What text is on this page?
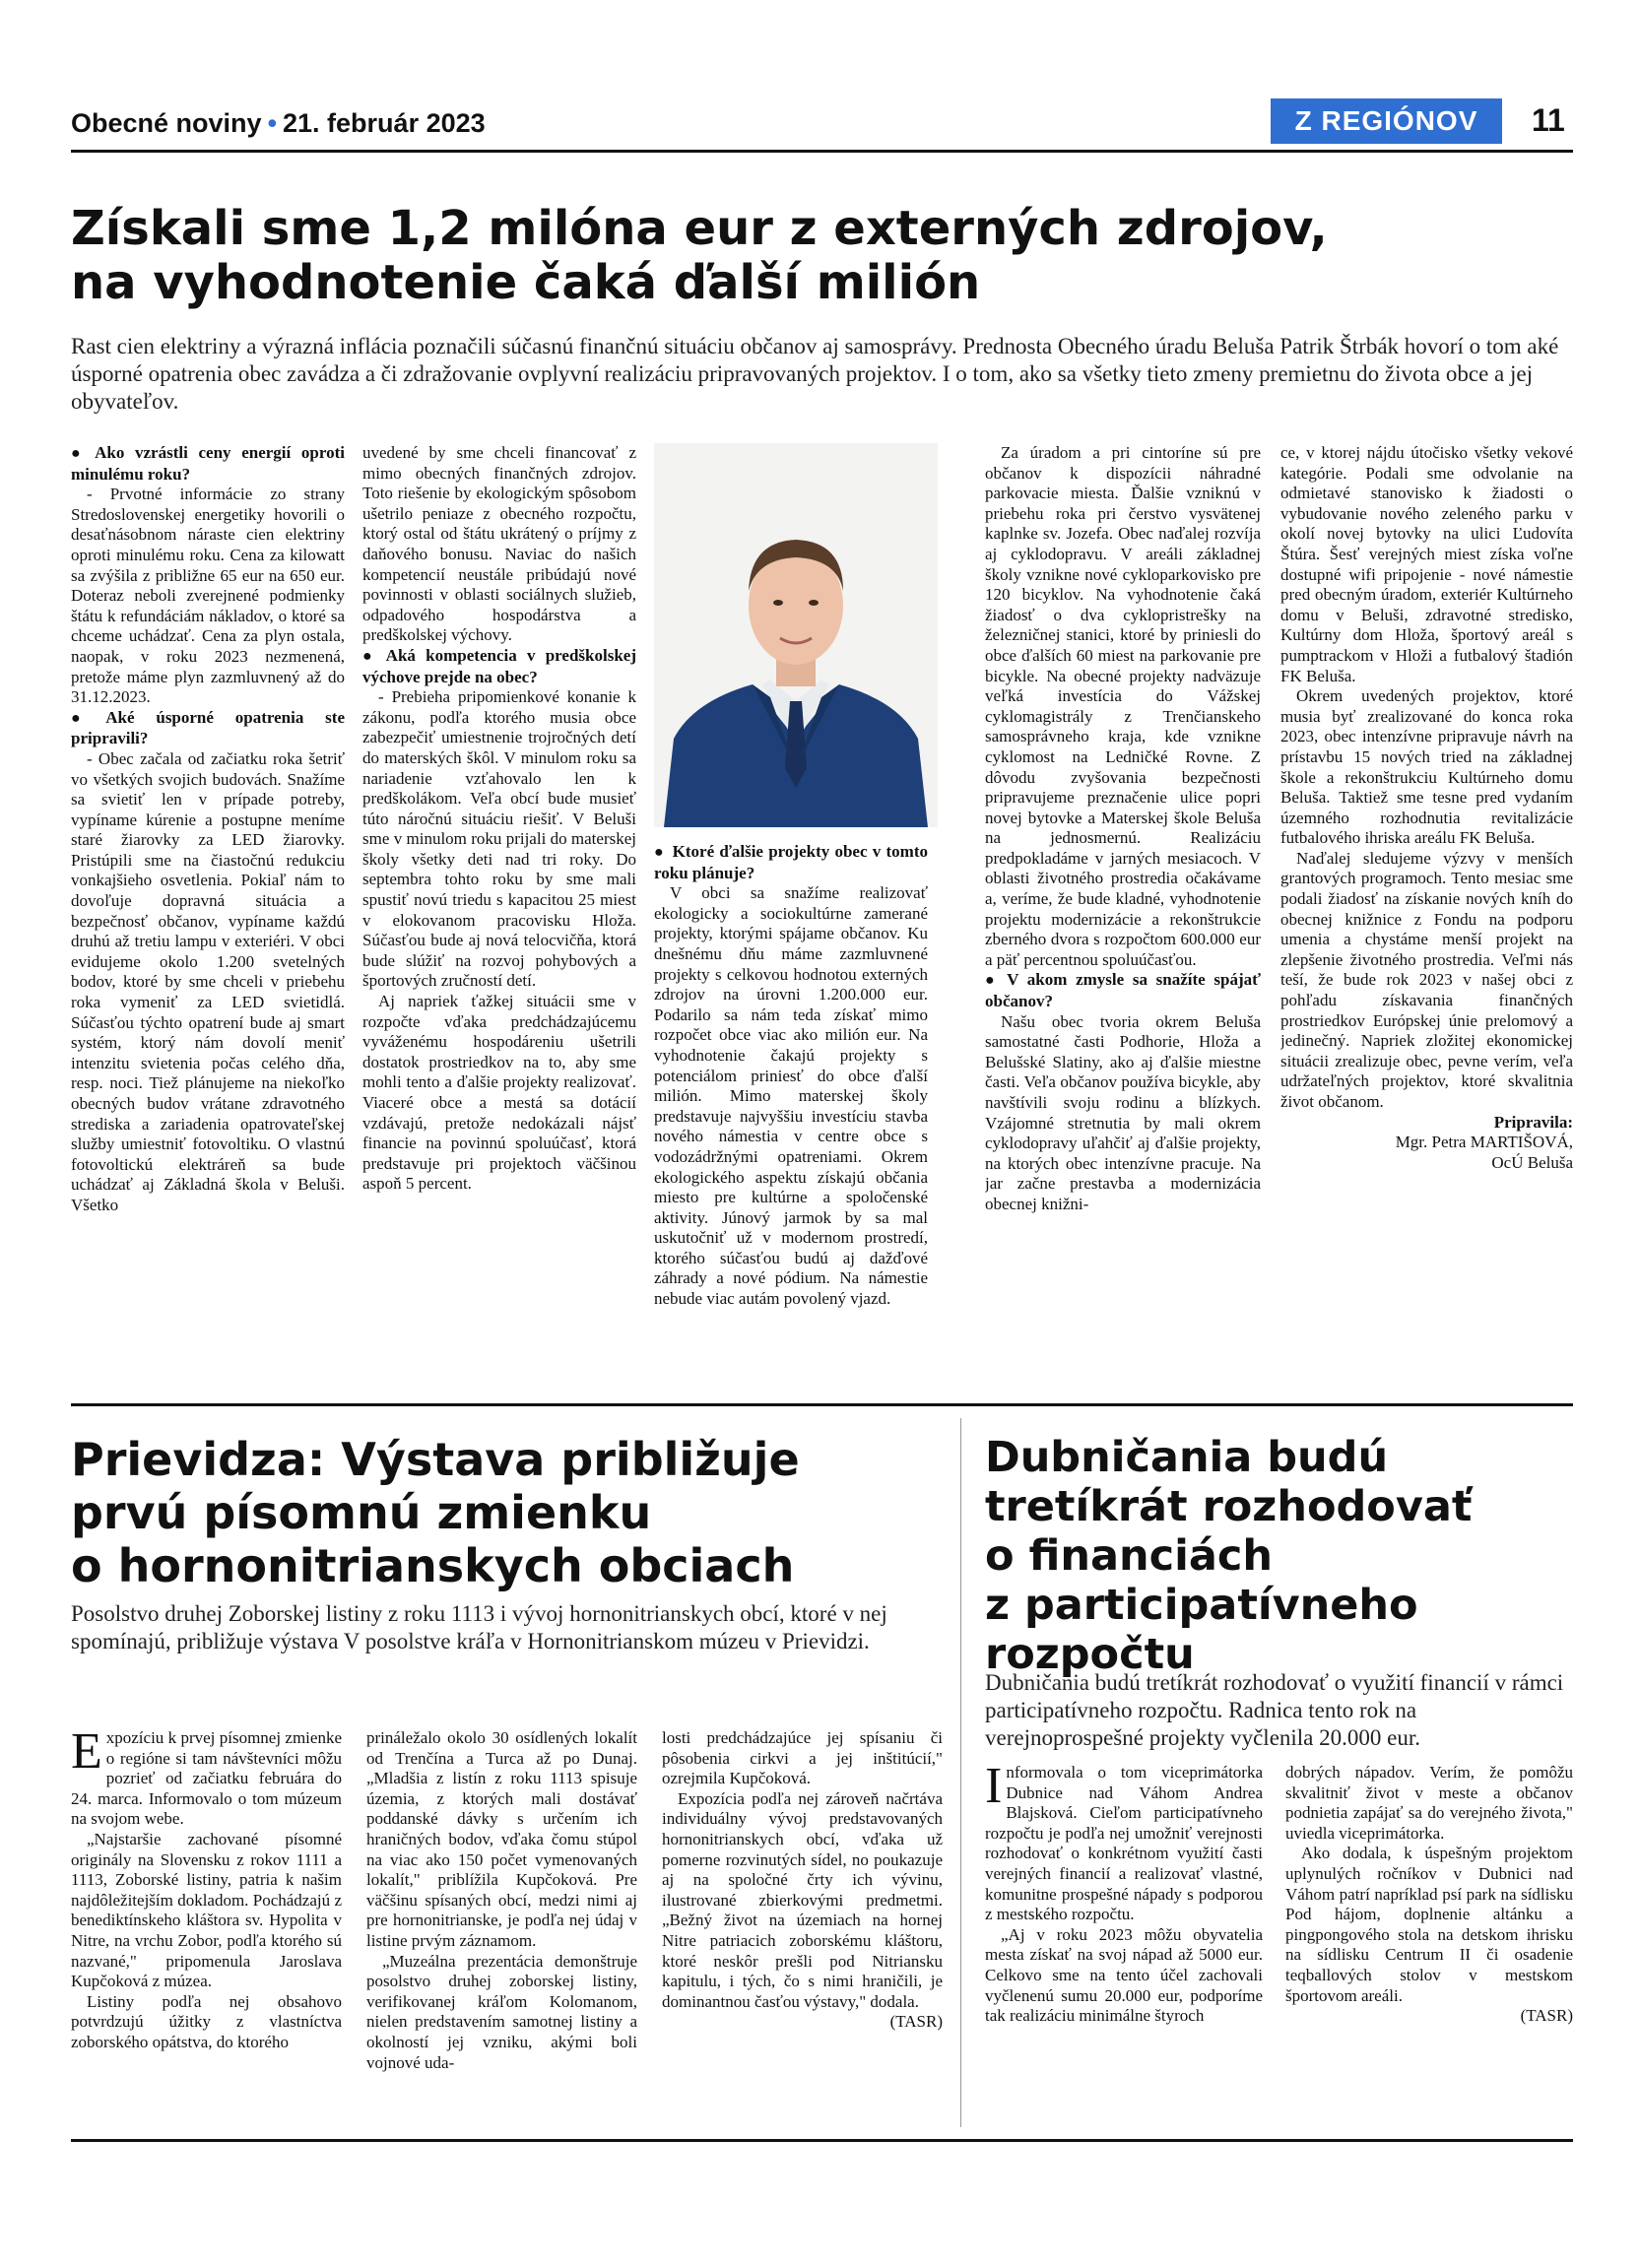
Obecné noviny • 21. február 2023	Z REGIÓNOV	11
Získali sme 1,2 milóna eur z externých zdrojov,
na vyhodnotenie čaká ďalší milión
Rast cien elektriny a výrazná inflácia poznačili súčasnú finančnú situáciu občanov aj samosprávy. Prednosta Obecného úradu Beluša Patrik Štrbák hovorí o tom aké úsporné opatrenia obec zavádza a či zdražovanie ovplyvní realizáciu pripravovaných projektov. I o tom, ako sa všetky tieto zmeny premietnu do života obce a jej obyvateľov.

● Ako vzrástli ceny energií oproti minulému roku?

- Prvotné informácie zo strany Stredoslovenskej energetiky hovorili o desaťnásobnom náraste cien elektriny oproti minulému roku. Cena za kilowatt sa zvýšila z približne 65 eur na 650 eur. Doteraz neboli zverejnené podmienky štátu k refundáciám nákladov, o ktoré sa chceme uchádzať. Cena za plyn ostala, naopak, v roku 2023 nezmenená, pretože máme plyn zazmluvnený až do 31.12.2023.

● Aké úsporné opatrenia ste pripravili?

- Obec začala od začiatku roka šetriť vo všetkých svojich budovách. Snažíme sa svietiť len v prípade potreby, vypíname kúrenie a postupne meníme staré žiarovky za LED žiarovky. Pristúpili sme na čiastočnú redukciu vonkajšieho osvetlenia. Pokiaľ nám to dovoľuje dopravná situácia a bezpečnosť občanov, vypíname každú druhú až tretiu lampu v exteriéri. V obci evidujeme okolo 1.200 svetelných bodov, ktoré by sme chceli v priebehu roka vymeniť za LED svietidlá. Súčasťou týchto opatrení bude aj smart systém, ktorý nám dovolí meniť intenzitu svietenia počas celého dňa, resp. noci. Tiež plánujeme na niekoľko obecných budov vrátane zdravotného strediska a zariadenia opatrovateľskej služby umiestniť fotovoltiku. O vlastnú fotovoltickú elektráreň sa bude uchádzať aj Základná škola v Beluši. Všetko

uvedené by sme chceli financovať z mimo obecných finančných zdrojov. Toto riešenie by ekologickým spôsobom ušetrilo peniaze z obecného rozpočtu, ktorý ostal od štátu ukrátený o príjmy z daňového bonusu. Naviac do našich kompetencií neustále pribúdajú nové povinnosti v oblasti sociálnych služieb, odpadového hospodárstva a predškolskej výchovy.

● Aká kompetencia v predškolskej výchove prejde na obec?

- Prebieha pripomienkové konanie k zákonu, podľa ktorého musia obce zabezpečiť umiestnenie trojročných detí do materských škôl. V minulom roku sa nariadenie vzťahovalo len k predškolákom. Veľa obcí bude musieť túto náročnú situáciu riešiť. V Beluši sme v minulom roku prijali do materskej školy všetky deti nad tri roky. Do septembra tohto roku by sme mali spustiť novú triedu s kapacitou 25 miest v elokovanom pracovisku Hloža. Súčasťou bude aj nová telocvičňa, ktorá bude slúžiť na rozvoj pohybových a športových zručností detí.

Aj napriek ťažkej situácii sme v rozpočte vďaka predchádzajúcemu vyváženému hospodáreniu ušetrili dostatok prostriedkov na to, aby sme mohli tento a ďalšie projekty realizovať. Viaceré obce a mestá sa dotácií vzdávajú, pretože nedokázali nájsť financie na povinnú spoluúčasť, ktorá predstavuje pri projektoch väčšinou aspoň 5 percent.

● Ktoré ďalšie projekty obec v tomto roku plánuje?

V obci sa snažíme realizovať ekologicky a sociokultúrne zamerané projekty, ktorými spájame občanov. Ku dnešnému dňu máme zazmluvnené projekty s celkovou hodnotou externých zdrojov na úrovni 1.200.000 eur. Podarilo sa nám teda získať mimo rozpočet obce viac ako milión eur. Na vyhodnotenie čakajú projekty s potenciálom priniesť do obce ďalší milión. Mimo materskej školy predstavuje najvyššiu investíciu stavba nového námestia v centre obce s vodozádržnými opatreniami. Okrem ekologického aspektu získajú občania miesto pre kultúrne a spoločenské aktivity. Júnový jarmok by sa mal uskutočniť už v modernom prostredí, ktorého súčasťou budú aj dažďové záhrady a nové pódium. Na námestie nebude viac autám povolený vjazd.

Za úradom a pri cintoríne sú pre občanov k dispozícii náhradné parkovacie miesta. Ďalšie vzniknú v priebehu roka pri čerstvo vysvätenej kaplnke sv. Jozefa. Obec naďalej rozvíja aj cyklodopravu. V areáli základnej školy vznikne nové cykloparkovisko pre 120 bicyklov. Na vyhodnotenie čaká žiadosť o dva cyklopristrešky na železničnej stanici, ktoré by priniesli do obce ďalších 60 miest na parkovanie pre bicykle. Na obecné projekty nadväzuje veľká investícia do Vážskej cyklomagistrály z Trenčianskeho samosprávneho kraja, kde vznikne cyklomost na Ledničké Rovne. Z dôvodu zvyšovania bezpečnosti pripravujeme preznačenie ulice popri novej bytovke a Materskej škole Beluša na jednosmernú. Realizáciu predpokladáme v jarných mesiacoch. V oblasti životného prostredia očakávame a, veríme, že bude kladné, vyhodnotenie projektu modernizácie a rekonštrukcie zberného dvora s rozpočtom 600.000 eur a päť percentnou spoluúčasťou.

● V akom zmysle sa snažíte spájať občanov?

Našu obec tvoria okrem Beluša samostatné časti Podhorie, Hloža a Belušské Slatiny, ako aj ďalšie miestne časti. Veľa občanov používa bicykle, aby navštívili svoju rodinu a blízkych. Vzájomné stretnutia by mali okrem cyklodopravy uľahčiť aj ďalšie projekty, na ktorých obec intenzívne pracuje. Na jar začne prestavba a modernizácia obecnej knižni-

ce, v ktorej nájdu útočisko všetky vekové kategórie. Podali sme odvolanie na odmietavé stanovisko k žiadosti o vybudovanie nového zeleného parku v okolí novej bytovky na ulici Ľudovíta Štúra. Šesť verejných miest získa voľne dostupné wifi pripojenie - nové námestie pred obecným úradom, exteriér Kultúrneho domu v Beluši, zdravotné stredisko, Kultúrny dom Hloža, športový areál s pumptrackom v Hloži a futbalový štadión FK Beluša.

Okrem uvedených projektov, ktoré musia byť zrealizované do konca roka 2023, obec intenzívne pripravuje návrh na prístavbu 15 nových tried na základnej škole a rekonštrukciu Kultúrneho domu Beluša. Taktiež sme tesne pred vydaním územného rozhodnutia revitalizácie futbalového ihriska areálu FK Beluša.

Naďalej sledujeme výzvy v menších grantových programoch. Tento mesiac sme podali žiadosť na získanie nových kníh do obecnej knižnice z Fondu na podporu umenia a chystáme menší projekt na zlepšenie životného prostredia. Veľmi nás teší, že bude rok 2023 v našej obci z pohľadu získavania finančných prostriedkov Európskej únie prelomový a jedinečný. Napriek zložitej ekonomickej situácii zrealizuje obec, pevne verím, veľa udržateľných projektov, ktoré skvalitnia život občanom.

Pripravila:

Mgr. Petra MARTIŠOVÁ,

OcÚ Beluša

Prievidza: Výstava približuje
prvú písomnú zmienku
o hornonitrianskych obciach
Posolstvo druhej Zoborskej listiny z roku 1113 i vývoj hornonitrianskych obcí, ktoré v nej spomínajú, približuje výstava V posolstve kráľa v Hornonitrianskom múzeu v Prievidzi.

Expozíciu k prvej písomnej zmienke o regióne si tam návštevníci môžu pozrieť od začiatku februára do 24. marca. Informovalo o tom múzeum na svojom webe.

„Najstaršie zachované písomné originály na Slovensku z rokov 1111 a 1113, Zoborské listiny, patria k našim najdôležitejším dokladom. Pochádzajú z benediktínskeho kláštora sv. Hypolita v Nitre, na vrchu Zobor, podľa ktorého sú nazvané," pripomenula Jaroslava Kupčoková z múzea.

Listiny podľa nej obsahovo potvrdzujú úžitky z vlastníctva zoborského opátstva, do ktorého

prináležalo okolo 30 osídlených lokalít od Trenčína a Turca až po Dunaj. „Mladšia z listín z roku 1113 spisuje územia, z ktorých mali dostávať poddanské dávky s určením ich hraničných bodov, vďaka čomu stúpol na viac ako 150 počet vymenovaných lokalít," priblížila Kupčoková. Pre väčšinu spísaných obcí, medzi nimi aj pre hornonitrianske, je podľa nej údaj v listine prvým záznamom.

„Muzeálna prezentácia demonštruje posolstvo druhej zoborskej listiny, verifikovanej kráľom Kolomanom, nielen predstavením samotnej listiny a okolností jej vzniku, akými boli vojnové uda-

losti predchádzajúce jej spísaniu či pôsobenia cirkvi a jej inštitúcií," ozrejmila Kupčoková.

Expozícia podľa nej zároveň načrtáva individuálny vývoj predstavovaných hornonitrianskych obcí, vďaka už pomerne rozvinutých sídel, no poukazuje aj na spoločné črty ich vývinu, ilustrované zbierkovými predmetmi. „Bežný život na územiach na hornej Nitre patriacich zoborskému kláštoru, ktoré neskôr prešli pod Nitriansku kapitulu, i tých, čo s nimi hraničili, je dominantnou časťou výstavy," dodala.

(TASR)

Dubničania budú
tretíkrát rozhodovať
o financiách
z participatívneho
rozpočtu
Dubničania budú tretíkrát rozhodovať o využití financií v rámci participatívneho rozpočtu. Radnica tento rok na verejnoprospešné projekty vyčlenila 20.000 eur.

Informovala o tom viceprimátorka Dubnice nad Váhom Andrea Blajsková. Cieľom participatívneho rozpočtu je podľa nej umožniť verejnosti rozhodovať o konkrétnom využití časti verejných financií a realizovať vlastné, komunitne prospešné nápady s podporou z mestského rozpočtu.

„Aj v roku 2023 môžu obyvatelia mesta získať na svoj nápad až 5000 eur. Celkovo sme na tento účel zachovali vyčlenenú sumu 20.000 eur, podporíme tak realizáciu minimálne štyroch

dobrých nápadov. Verím, že pomôžu skvalitniť život v meste a občanov podnietia zapájať sa do verejného života," uviedla viceprimátorka.

Ako dodala, k úspešným projektom uplynulých ročníkov v Dubnici nad Váhom patrí napríklad psí park na sídlisku Pod hájom, doplnenie altánku a pingpongového stola na detskom ihrisku na sídlisku Centrum II či osadenie teqballových stolov v mestskom športovom areáli.

(TASR)
